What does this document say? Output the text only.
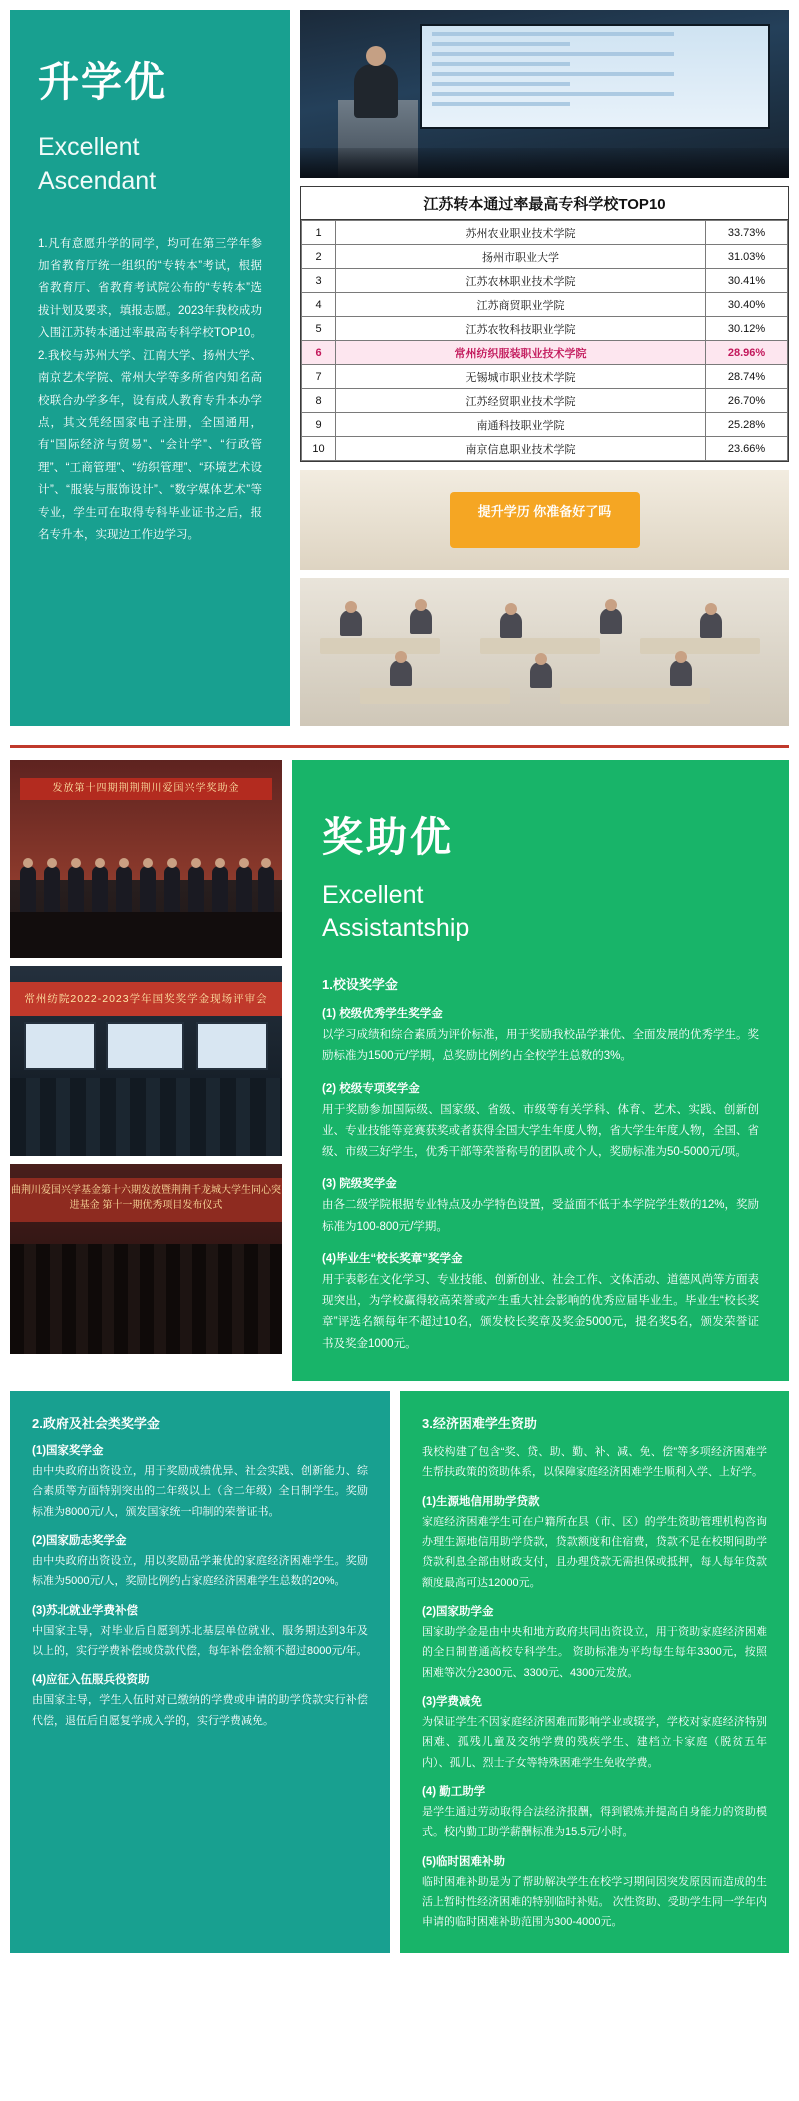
升学优
Excellent
Ascendant
1.凡有意愿升学的同学，均可在第三学年参加省教育厅统一组织的“专转本”考试，根据省教育厅、省教育考试院公布的“专转本”选拔计划及要求，填报志愿。2023年我校成功入围江苏转本通过率最高专科学校TOP10。2.我校与苏州大学、江南大学、扬州大学、南京艺术学院、常州大学等多所省内知名高校联合办学多年，设有成人教育专升本办学点，其文凭经国家电子注册，全国通用，有“国际经济与贸易”、“会计学”、“行政管理”、“工商管理”、“纺织管理”、“环境艺术设计”、“服装与服饰设计”、“数字媒体艺术”等专业，学生可在取得专科毕业证书之后，报名专升本，实现边工作边学习。
江苏转本通过率最高专科学校TOP10
1	苏州农业职业技术学院	33.73%
2	扬州市职业大学	31.03%
3	江苏农林职业技术学院	30.41%
4	江苏商贸职业学院	30.40%
5	江苏农牧科技职业学院	30.12%
6	常州纺织服装职业技术学院	28.96%
7	无锡城市职业技术学院	28.74%
8	江苏经贸职业技术学院	26.70%
9	南通科技职业学院	25.28%
10	南京信息职业技术学院	23.66%
提升学历 你准备好了吗
发放第十四期荆荆荆川爱国兴学奖助金
常州纺院2022-2023学年国奖奖学金现场评审会
曲荆川爱国兴学基金第十六期发放暨荆荆千龙城大学生同心突进基金 第十一期优秀项目发布仪式
奖助优
Excellent
Assistantship
1.校设奖学金
(1) 校级优秀学生奖学金

以学习成绩和综合素质为评价标准，用于奖励我校品学兼优、全面发展的优秀学生。奖励标准为1500元/学期，总奖励比例约占全校学生总数的3%。

(2) 校级专项奖学金

用于奖励参加国际级、国家级、省级、市级等有关学科、体育、艺术、实践、创新创业、专业技能等竞赛获奖或者获得全国大学生年度人物，省大学生年度人物，全国、省级、市级三好学生，优秀干部等荣誉称号的团队或个人，奖励标准为50-5000元/项。

(3) 院级奖学金

由各二级学院根据专业特点及办学特色设置，受益面不低于本学院学生数的12%，奖励标准为100-800元/学期。

(4)毕业生“校长奖章”奖学金

用于表彰在文化学习、专业技能、创新创业、社会工作、文体活动、道德风尚等方面表现突出，为学校赢得较高荣誉或产生重大社会影响的优秀应届毕业生。毕业生“校长奖章”评选名额每年不超过10名，颁发校长奖章及奖金5000元，提名奖5名，颁发荣誉证书及奖金1000元。

2.政府及社会类奖学金
(1)国家奖学金

由中央政府出资设立，用于奖励成绩优异、社会实践、创新能力、综合素质等方面特别突出的二年级以上（含二年级）全日制学生。奖励标准为8000元/人，颁发国家统一印制的荣誉证书。

(2)国家励志奖学金

由中央政府出资设立，用以奖励品学兼优的家庭经济困难学生。奖励标准为5000元/人，奖励比例约占家庭经济困难学生总数的20%。

(3)苏北就业学费补偿

中国家主导，对毕业后自愿到苏北基层单位就业、服务期达到3年及以上的，实行学费补偿或贷款代偿，每年补偿金额不超过8000元/年。

(4)应征入伍服兵役资助

由国家主导，学生入伍时对已缴纳的学费或申请的助学贷款实行补偿代偿，退伍后自愿复学成入学的，实行学费减免。

3.经济困难学生资助
我校构建了包含“奖、贷、助、勤、补、减、免、偿”等多项经济困难学生帮扶政策的资助体系，以保障家庭经济困难学生顺利入学、上好学。
(1)生源地信用助学贷款

家庭经济困难学生可在户籍所在县（市、区）的学生资助管理机构咨询办理生源地信用助学贷款，贷款额度和住宿费，贷款不足在校期间助学贷款利息全部由财政支付，且办理贷款无需担保或抵押，每人每年贷款额度最高可达12000元。

(2)国家助学金

国家助学金是由中央和地方政府共同出资设立，用于资助家庭经济困难的全日制普通高校专科学生。 资助标准为平均每生每年3300元，按照困难等次分2300元、3300元、4300元发放。

(3)学费减免

为保证学生不因家庭经济困难而影响学业或辍学，学校对家庭经济特别困难、孤残儿童及交纳学费的残疾学生、建档立卡家庭（脱贫五年内）、孤儿、烈士子女等特殊困难学生免收学费。

(4) 勤工助学

是学生通过劳动取得合法经济报酬，得到锻炼并提高自身能力的资助模式。校内勤工助学薪酬标准为15.5元/小时。

(5)临时困难补助

临时困难补助是为了帮助解决学生在校学习期间因突发原因而造成的生活上暂时性经济困难的特别临时补贴。 次性资助、受助学生同一学年内申请的临时困难补助范围为300-4000元。
